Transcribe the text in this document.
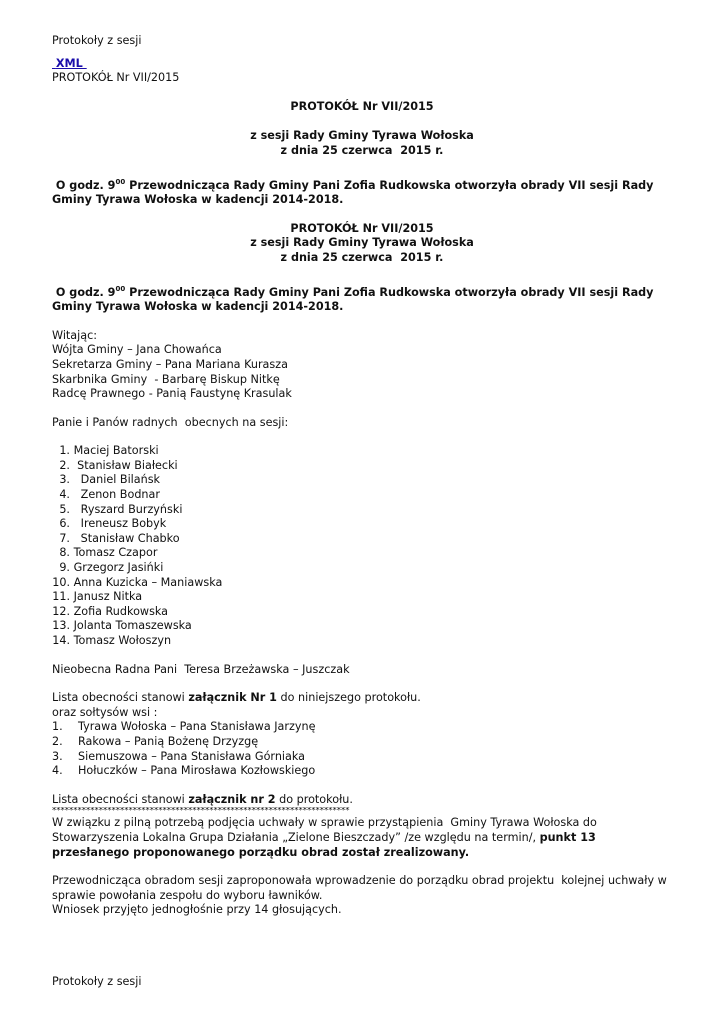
Protokoły z sesji
XML
PROTOKÓŁ Nr VII/2015
PROTOKÓŁ Nr VII/2015
z sesji Rady Gminy Tyrawa Wołoska
z dnia 25 czerwca  2015 r.
O godz. $9^{00}$ Przewodnicząca Rady Gminy Pani Zofia Rudkowska otworzyła obrady VII sesji Rady Gminy Tyrawa Wołoska w kadencji 2014-2018.
PROTOKÓŁ Nr VII/2015
z sesji Rady Gminy Tyrawa Wołoska
z dnia 25 czerwca  2015 r.
O godz. $9^{00}$ Przewodnicząca Rady Gminy Pani Zofia Rudkowska otworzyła obrady VII sesji Rady Gminy Tyrawa Wołoska w kadencji 2014-2018.
Witając:
Wójta Gminy – Jana Chowańca
Sekretarza Gminy – Pana Mariana Kurasza
Skarbnika Gminy  - Barbarę Biskup Nitkę
Radcę Prawnego - Panią Faustynę Krasulak
Panie i Panów radnych  obecnych na sesji:
1. Maciej Batorski
2.  Stanisław Białecki
3.   Daniel Bilańsk
4.   Zenon Bodnar
5.   Ryszard Burzyński
6.   Ireneusz Bobyk
7.   Stanisław Chabko
8. Tomasz Czapor
9. Grzegorz Jasińki
10. Anna Kuzicka – Maniawska
11. Janusz Nitka
12. Zofia Rudkowska
13. Jolanta Tomaszewska
14. Tomasz Wołoszyn
Nieobecna Radna Pani  Teresa Brzeżawska – Juszczak
Lista obecności stanowi załącznik Nr 1 do niniejszego protokołu.
oraz sołtysów wsi :
1. Tyrawa Wołoska – Pana Stanisława Jarzynę
2. Rakowa – Panią Bożenę Drzyzgę
3. Siemuszowa – Pana Stanisława Górniaka
4. Hołuczków – Pana Mirosława Kozłowskiego
Lista obecności stanowi załącznik nr 2 do protokołu.
**********************************************************************
W związku z pilną potrzebą podjęcia uchwały w sprawie przystąpienia  Gminy Tyrawa Wołoska do Stowarzyszenia Lokalna Grupa Działania „Zielone Bieszczady” /ze względu na termin/, punkt 13 przesłanego proponowanego porządku obrad został zrealizowany.
Przewodnicząca obradom sesji zaproponowała wprowadzenie do porządku obrad projektu  kolejnej uchwały w sprawie powołania zespołu do wyboru ławników.
Wniosek przyjęto jednogłośnie przy 14 głosujących.
Protokoły z sesji
